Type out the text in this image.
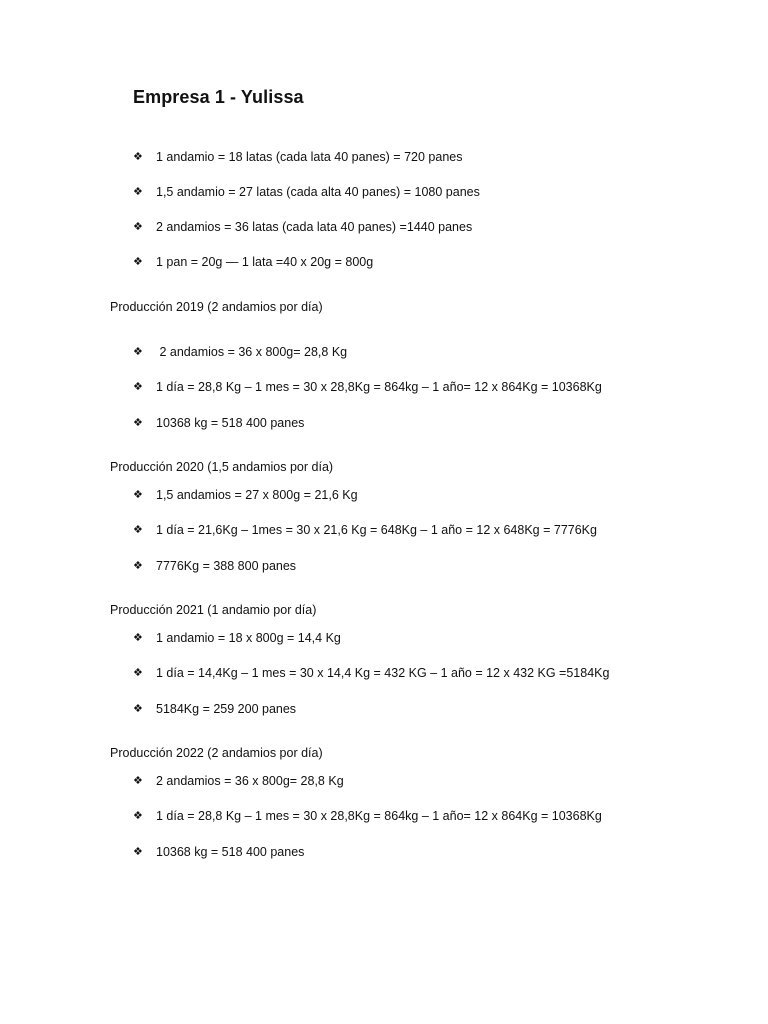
Empresa 1 - Yulissa
❖	1 andamio = 18 latas (cada lata 40 panes) = 720 panes
❖	1,5 andamio = 27 latas (cada alta 40 panes) = 1080 panes
❖	2 andamios = 36 latas (cada lata 40 panes) =1440 panes
❖	1 pan = 20g — 1 lata =40 x 20g = 800g
Producción 2019 (2 andamios por día)
❖	2 andamios = 36 x 800g= 28,8 Kg
❖	1 día = 28,8 Kg – 1 mes = 30 x 28,8Kg = 864kg – 1 año= 12 x 864Kg = 10368Kg
❖	10368 kg = 518 400 panes
Producción 2020 (1,5 andamios por día)
❖	1,5 andamios = 27 x 800g = 21,6 Kg
❖	1 día = 21,6Kg – 1mes = 30 x 21,6 Kg = 648Kg – 1 año = 12 x 648Kg = 7776Kg
❖	7776Kg = 388 800 panes
Producción 2021 (1 andamio por día)
❖	1 andamio = 18 x 800g = 14,4 Kg
❖	1 día = 14,4Kg – 1 mes = 30 x 14,4 Kg = 432 KG – 1 año = 12 x 432 KG =5184Kg
❖	5184Kg = 259 200 panes
Producción 2022 (2 andamios por día)
❖	2 andamios = 36 x 800g= 28,8 Kg
❖	1 día = 28,8 Kg – 1 mes = 30 x 28,8Kg = 864kg – 1 año= 12 x 864Kg = 10368Kg
❖	10368 kg = 518 400 panes
